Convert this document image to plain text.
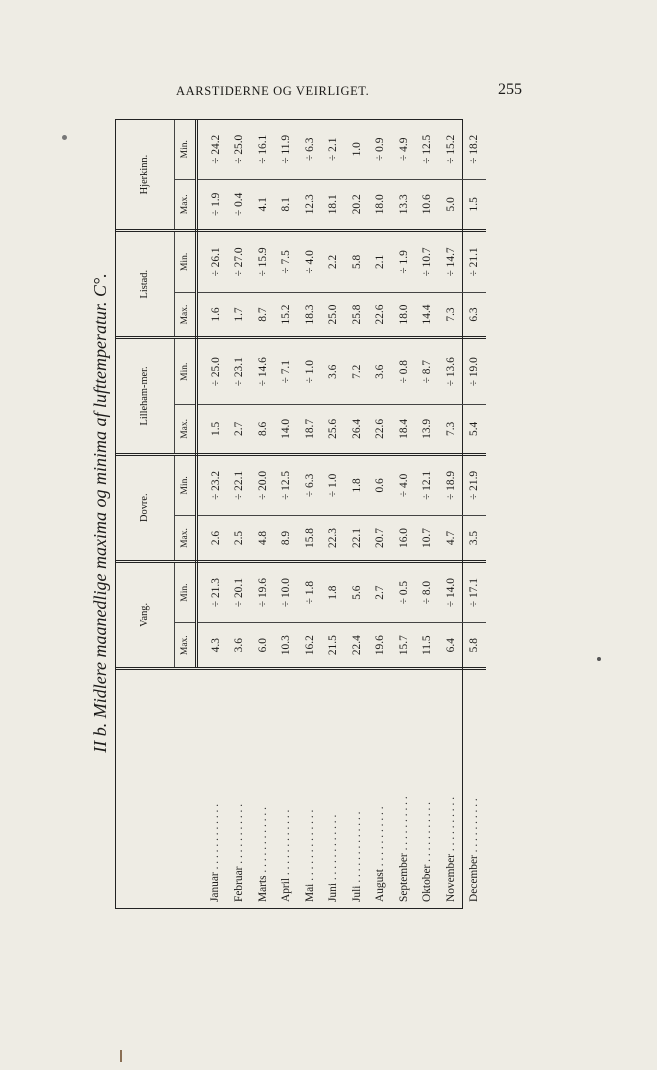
AARSTIDERNE OG VEIRLIGET.	255
II b. Midlere maanedlige maxima og minima af lufttemperatur. C°.
		Vang.		Dovre.		Lilleham-mer.		Listad.		Hjerkinn.	
	Max.	Min.	Max.	Min.	Max.	Min.	Max.	Min.	Max.	Min.
Januar . . . . . . . . . . . .	4.3	÷ 21.3	2.6	÷ 23.2	1.5	÷ 25.0	1.6	÷ 26.1	÷ 1.9	÷ 24.2
Februar . . . . . . . . . . .	3.6	÷ 20.1	2.5	÷ 22.1	2.7	÷ 23.1	1.7	÷ 27.0	÷ 0.4	÷ 25.0
Marts . . . . . . . . . . . .	6.0	÷ 19.6	4.8	÷ 20.0	8.6	÷ 14.6	8.7	÷ 15.9	4.1	÷ 16.1
April . . . . . . . . . . . .	10.3	÷ 10.0	8.9	÷ 12.5	14.0	÷ 7.1	15.2	÷ 7.5	8.1	÷ 11.9
Mai . . . . . . . . . . . . .	16.2	÷ 1.8	15.8	÷ 6.3	18.7	÷ 1.0	18.3	÷ 4.0	12.3	÷ 6.3
Juni . . . . . . . . . . . .	21.5	1.8	22.3	÷ 1.0	25.6	3.6	25.0	2.2	18.1	÷ 2.1
Juli . . . . . . . . . . . . .	22.4	5.6	22.1	1.8	26.4	7.2	25.8	5.8	20.2	1.0
August . . . . . . . . . . .	19.6	2.7	20.7	0.6	22.6	3.6	22.6	2.1	18.0	÷ 0.9
September . . . . . . . . . .	15.7	÷ 0.5	16.0	÷ 4.0	18.4	÷ 0.8	18.0	÷ 1.9	13.3	÷ 4.9
Oktober . . . . . . . . . . .	11.5	÷ 8.0	10.7	÷ 12.1	13.9	÷ 8.7	14.4	÷ 10.7	10.6	÷ 12.5
November . . . . . . . . . .	6.4	÷ 14.0	4.7	÷ 18.9	7.3	÷ 13.6	7.3	÷ 14.7	5.0	÷ 15.2
December . . . . . . . . . .	5.8	÷ 17.1	3.5	÷ 21.9	5.4	÷ 19.0	6.3	÷ 21.1	1.5	÷ 18.2
